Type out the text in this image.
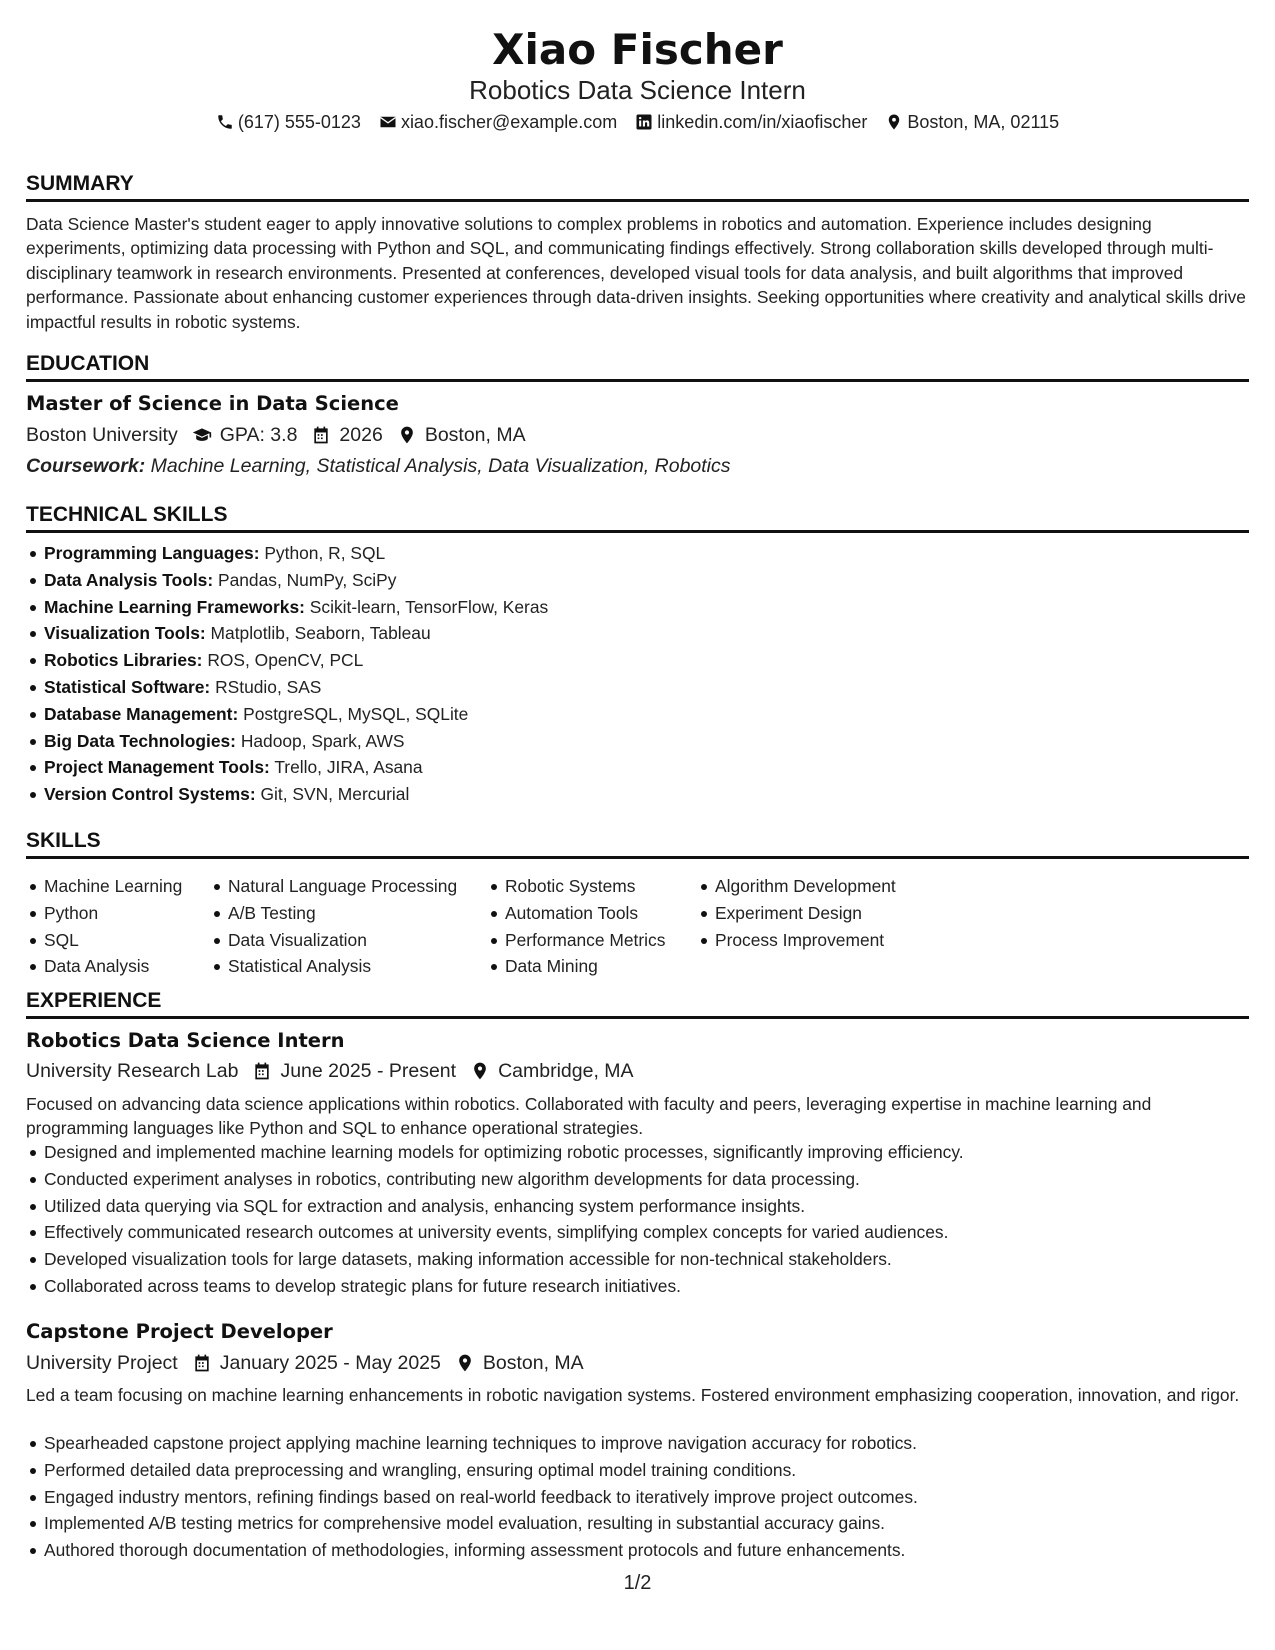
Xiao Fischer
Robotics Data Science Intern
(617) 555-0123 xiao.fischer@example.com linkedin.com/in/xiaofischer Boston, MA, 02115
SUMMARY
Data Science Master's student eager to apply innovative solutions to complex problems in robotics and automation. Experience includes designing experiments, optimizing data processing with Python and SQL, and communicating findings effectively. Strong collaboration skills developed through multi-disciplinary teamwork in research environments. Presented at conferences, developed visual tools for data analysis, and built algorithms that improved performance. Passionate about enhancing customer experiences through data-driven insights. Seeking opportunities where creativity and analytical skills drive impactful results in robotic systems.
EDUCATION
Master of Science in Data Science
Boston University GPA: 3.8 2026 Boston, MA
Coursework: Machine Learning, Statistical Analysis, Data Visualization, Robotics
TECHNICAL SKILLS
Programming Languages: Python, R, SQL
Data Analysis Tools: Pandas, NumPy, SciPy
Machine Learning Frameworks: Scikit-learn, TensorFlow, Keras
Visualization Tools: Matplotlib, Seaborn, Tableau
Robotics Libraries: ROS, OpenCV, PCL
Statistical Software: RStudio, SAS
Database Management: PostgreSQL, MySQL, SQLite
Big Data Technologies: Hadoop, Spark, AWS
Project Management Tools: Trello, JIRA, Asana
Version Control Systems: Git, SVN, Mercurial
SKILLS
Machine Learning
Python
SQL
Data Analysis
Natural Language Processing
A/B Testing
Data Visualization
Statistical Analysis
Robotic Systems
Automation Tools
Performance Metrics
Data Mining
Algorithm Development
Experiment Design
Process Improvement
EXPERIENCE
Robotics Data Science Intern
University Research Lab June 2025 - Present Cambridge, MA
Focused on advancing data science applications within robotics. Collaborated with faculty and peers, leveraging expertise in machine learning and programming languages like Python and SQL to enhance operational strategies.
Designed and implemented machine learning models for optimizing robotic processes, significantly improving efficiency.
Conducted experiment analyses in robotics, contributing new algorithm developments for data processing.
Utilized data querying via SQL for extraction and analysis, enhancing system performance insights.
Effectively communicated research outcomes at university events, simplifying complex concepts for varied audiences.
Developed visualization tools for large datasets, making information accessible for non-technical stakeholders.
Collaborated across teams to develop strategic plans for future research initiatives.
Capstone Project Developer
University Project January 2025 - May 2025 Boston, MA
Led a team focusing on machine learning enhancements in robotic navigation systems. Fostered environment emphasizing cooperation, innovation, and rigor.
Spearheaded capstone project applying machine learning techniques to improve navigation accuracy for robotics.
Performed detailed data preprocessing and wrangling, ensuring optimal model training conditions.
Engaged industry mentors, refining findings based on real-world feedback to iteratively improve project outcomes.
Implemented A/B testing metrics for comprehensive model evaluation, resulting in substantial accuracy gains.
Authored thorough documentation of methodologies, informing assessment protocols and future enhancements.
1/2
